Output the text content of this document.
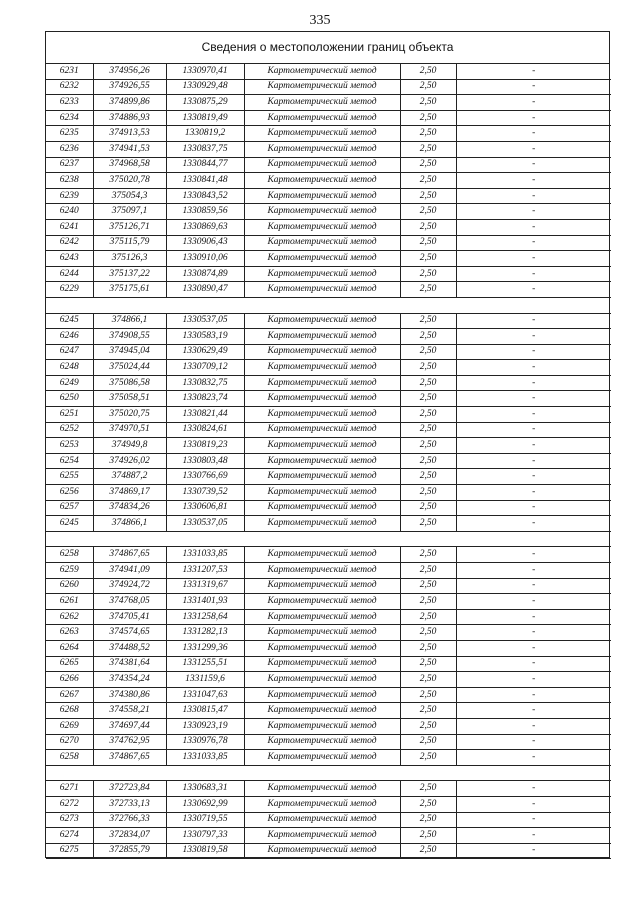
335
Сведения о местоположении границ объекта
6231	374956,26	1330970,41	Картометрический метод	2,50	-
6232	374926,55	1330929,48	Картометрический метод	2,50	-
6233	374899,86	1330875,29	Картометрический метод	2,50	-
6234	374886,93	1330819,49	Картометрический метод	2,50	-
6235	374913,53	1330819,2	Картометрический метод	2,50	-
6236	374941,53	1330837,75	Картометрический метод	2,50	-
6237	374968,58	1330844,77	Картометрический метод	2,50	-
6238	375020,78	1330841,48	Картометрический метод	2,50	-
6239	375054,3	1330843,52	Картометрический метод	2,50	-
6240	375097,1	1330859,56	Картометрический метод	2,50	-
6241	375126,71	1330869,63	Картометрический метод	2,50	-
6242	375115,79	1330906,43	Картометрический метод	2,50	-
6243	375126,3	1330910,06	Картометрический метод	2,50	-
6244	375137,22	1330874,89	Картометрический метод	2,50	-
6229	375175,61	1330890,47	Картометрический метод	2,50	-

6245	374866,1	1330537,05	Картометрический метод	2,50	-
6246	374908,55	1330583,19	Картометрический метод	2,50	-
6247	374945,04	1330629,49	Картометрический метод	2,50	-
6248	375024,44	1330709,12	Картометрический метод	2,50	-
6249	375086,58	1330832,75	Картометрический метод	2,50	-
6250	375058,51	1330823,74	Картометрический метод	2,50	-
6251	375020,75	1330821,44	Картометрический метод	2,50	-
6252	374970,51	1330824,61	Картометрический метод	2,50	-
6253	374949,8	1330819,23	Картометрический метод	2,50	-
6254	374926,02	1330803,48	Картометрический метод	2,50	-
6255	374887,2	1330766,69	Картометрический метод	2,50	-
6256	374869,17	1330739,52	Картометрический метод	2,50	-
6257	374834,26	1330606,81	Картометрический метод	2,50	-
6245	374866,1	1330537,05	Картометрический метод	2,50	-

6258	374867,65	1331033,85	Картометрический метод	2,50	-
6259	374941,09	1331207,53	Картометрический метод	2,50	-
6260	374924,72	1331319,67	Картометрический метод	2,50	-
6261	374768,05	1331401,93	Картометрический метод	2,50	-
6262	374705,41	1331258,64	Картометрический метод	2,50	-
6263	374574,65	1331282,13	Картометрический метод	2,50	-
6264	374488,52	1331299,36	Картометрический метод	2,50	-
6265	374381,64	1331255,51	Картометрический метод	2,50	-
6266	374354,24	1331159,6	Картометрический метод	2,50	-
6267	374380,86	1331047,63	Картометрический метод	2,50	-
6268	374558,21	1330815,47	Картометрический метод	2,50	-
6269	374697,44	1330923,19	Картометрический метод	2,50	-
6270	374762,95	1330976,78	Картометрический метод	2,50	-
6258	374867,65	1331033,85	Картометрический метод	2,50	-

6271	372723,84	1330683,31	Картометрический метод	2,50	-
6272	372733,13	1330692,99	Картометрический метод	2,50	-
6273	372766,33	1330719,55	Картометрический метод	2,50	-
6274	372834,07	1330797,33	Картометрический метод	2,50	-
6275	372855,79	1330819,58	Картометрический метод	2,50	-
